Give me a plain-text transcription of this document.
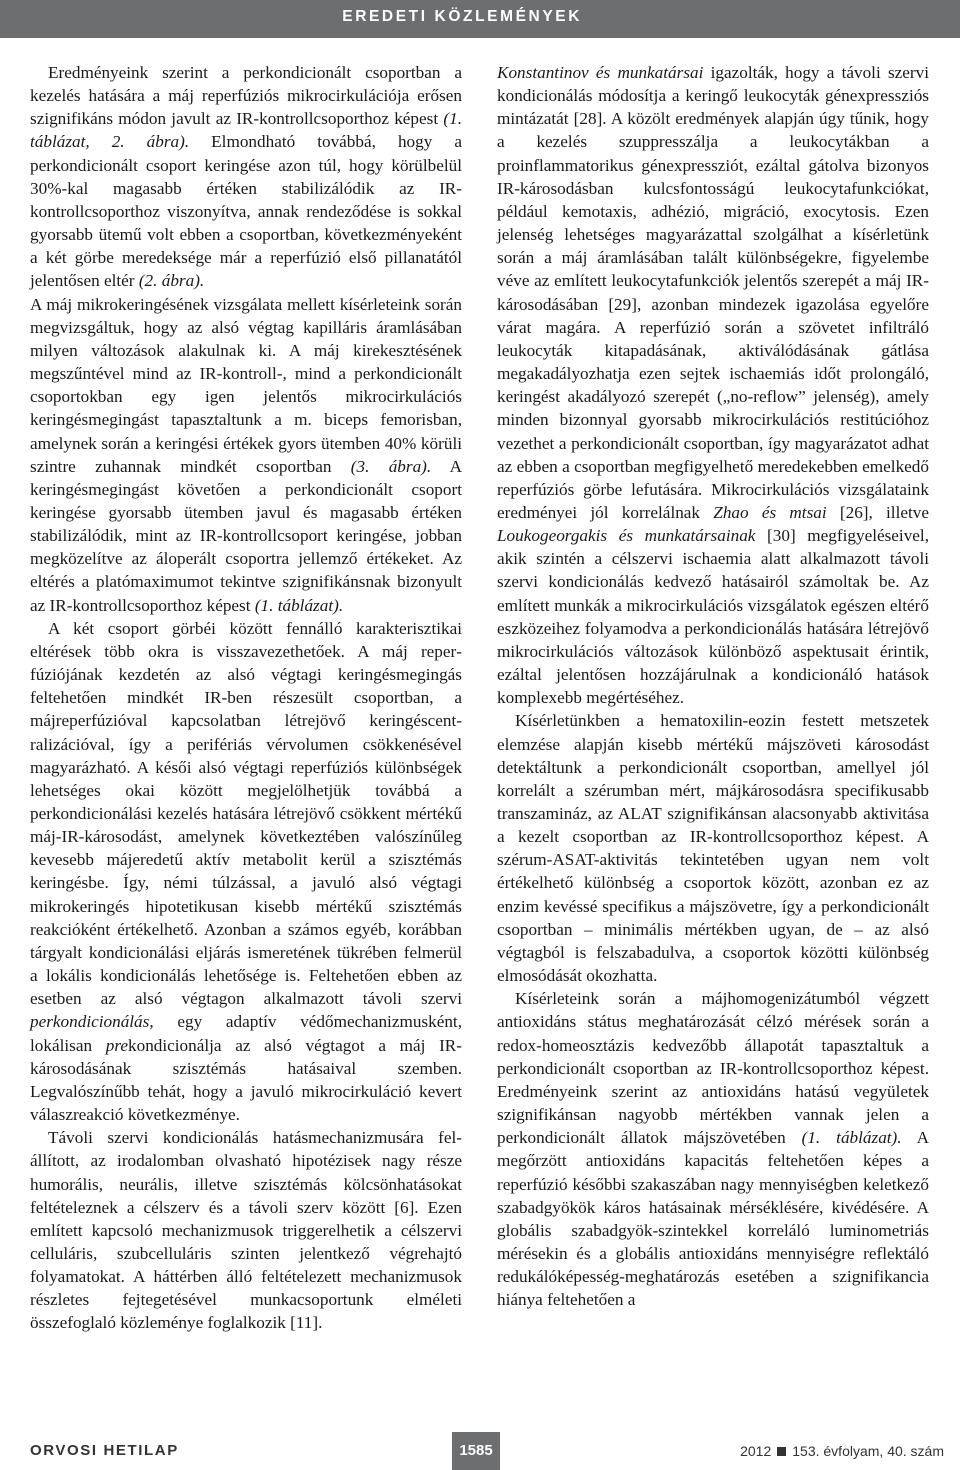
EREDETI KÖZLEMÉNYEK

Eredményeink szerint a perkondicionált csoportban a kezelés hatására a máj reperfúziós mikrocirkulációja erősen szignifikáns módon javult az IR-kontrollcsoporthoz képest (1. táblázat, 2. ábra). Elmondható továbbá, hogy a perkondicionált csoport keringése azon túl, hogy körülbelül 30%-kal magasabb értéken stabilizálódik az IR-kontrollcsoporthoz viszonyítva, annak rendeződése is sokkal gyorsabb ütemű volt ebben a csoportban, következményeként a két görbe meredeksége már a reperfúzió első pillanatától jelentősen eltér (2. ábra).

A máj mikrokeringésének vizsgálata mellett kísérleteink során megvizsgáltuk, hogy az alsó végtag kapilláris áramlásában milyen változások alakulnak ki. A máj kirekesztésének megszűntével mind az IR-kontroll-, mind a perkondicionált csoportokban egy igen jelentős mikrocirkulációs keringésmegingást tapasztaltunk a m. biceps femorisban, amelynek során a keringési értékek gyors ütemben 40% körüli szintre zuhannak mindkét csoportban (3. ábra). A keringésmegingást követően a perkondicionált csoport keringése gyorsabb ütemben javul és magasabb értéken stabilizálódik, mint az IR-kontrollcsoport keringése, jobban megközelítve az áloperált csoportra jellemző értékeket. Az eltérés a platómaximumot tekintve szignifikánsnak bizonyult az IR-kontrollcsoporthoz képest (1. táblázat).

A két csoport görbéi között fennálló karakterisztikai eltérések több okra is visszavezethetőek. A máj reperfúziójának kezdetén az alsó végtagi keringésmegingás feltehetően mindkét IR-ben részesült csoportban, a májreperfúzióval kapcsolatban létrejövő keringéscentralizációval, így a perifériás vérvolumen csökkenésével magyarázható. A késői alsó végtagi reperfúziós különbségek lehetséges okai között megjelölhetjük továbbá a perkondicionálási kezelés hatására létrejövő csökkent mértékű máj-IR-károsodást, amelynek következtében valószínűleg kevesebb májeredetű aktív metabolit kerül a szisztémás keringésbe. Így, némi túlzással, a javuló alsó végtagi mikrokeringés hipotetikusan kisebb mértékű szisztémás reakcióként értékelhető. Azonban a számos egyéb, korábban tárgyalt kondicionálási eljárás ismeretének tükrében felmerül a lokális kondicionálás lehetősége is. Feltehetően ebben az esetben az alsó végtagon alkalmazott távoli szervi perkondicionálás, egy adaptív védőmechanizmusként, lokálisan prekondicionálja az alsó végtagot a máj IR-károsodásának szisztémás hatásaival szemben. Legvalószínűbb tehát, hogy a javuló mikrocirkuláció kevert válaszreakció következménye.

Távoli szervi kondicionálás hatásmechanizmusára felállított, az irodalomban olvasható hipotézisek nagy része humorális, neurális, illetve szisztémás kölcsönhatásokat feltételeznek a célszerv és a távoli szerv között [6]. Ezen említett kapcsoló mechanizmusok triggerelhetik a célszervi celluláris, szubcelluláris szinten jelentkező végrehajtó folyamatokat. A háttérben álló feltételezett mechanizmusok részletes fejtegetésével munkacsoportunk elméleti összefoglaló közleménye foglalkozik [11].

Konstantinov és munkatársai igazolták, hogy a távoli szervi kondicionálás módosítja a keringő leukocyták génexpressziós mintázatát [28]. A közölt eredmények alapján úgy tűnik, hogy a kezelés szuppresszálja a leukocytákban a proinflammatorikus génexpressziót, ezáltal gátolva bizonyos IR-károsodásban kulcsfontosságú leukocytafunkciókat, például kemotaxis, adhézió, migráció, exocytosis. Ezen jelenség lehetséges magyarázattal szolgálhat a kísérletünk során a máj áramlásában talált különbségekre, figyelembe véve az említett leukocytafunkciók jelentős szerepét a máj IR-károsodásában [29], azonban mindezek igazolása egyelőre várat magára. A reperfúzió során a szövetet infiltráló leukocyták kitapadásának, aktiválódásának gátlása megakadályozhatja ezen sejtek ischaemiás időt prolongáló, keringést akadályozó szerepét („no-reflow” jelenség), amely minden bizonnyal gyorsabb mikrocirkulációs restitúcióhoz vezethet a perkondicionált csoportban, így magyarázatot adhat az ebben a csoportban megfigyelhető meredekebben emelkedő reperfúziós görbe lefutására. Mikrocirkulációs vizsgálataink eredményei jól korrelálnak Zhao és mtsai [26], illetve Loukogeorgakis és munkatársainak [30] megfigyeléseivel, akik szintén a célszervi ischaemia alatt alkalmazott távoli szervi kondicionálás kedvező hatásairól számoltak be. Az említett munkák a mikrocirkulációs vizsgálatok egészen eltérő eszközeihez folyamodva a perkondicionálás hatására létrejövő mikrocirkulációs változások különböző aspektusait érintik, ezáltal jelentősen hozzájárulnak a kondicionáló hatások komplexebb megértéséhez.

Kísérletünkben a hematoxilin-eozin festett metszetek elemzése alapján kisebb mértékű májszöveti károsodást detektáltunk a perkondicionált csoportban, amellyel jól korrelált a szérumban mért, májkárosodásra specifikusabb transzamináz, az ALAT szignifikánsan alacsonyabb aktivitása a kezelt csoportban az IR-kontrollcsoporthoz képest. A szérum-ASAT-aktivitás tekintetében ugyan nem volt értékelhető különbség a csoportok között, azonban ez az enzim kevéssé specifikus a májszövetre, így a perkondicionált csoportban – minimális mértékben ugyan, de – az alsó végtagból is felszabadulva, a csoportok közötti különbség elmosódását okozhatta.

Kísérleteink során a májhomogenizátumból végzett antioxidáns státus meghatározását célzó mérések során a redox-homeosztázis kedvezőbb állapotát tapasztaltuk a perkondicionált csoportban az IR-kontrollcsoporthoz képest. Eredményeink szerint az antioxidáns hatású vegyületek szignifikánsan nagyobb mértékben vannak jelen a perkondicionált állatok májszövetében (1. táblázat). A megőrzött antioxidáns kapacitás feltehetően képes a reperfúzió későbbi szakaszában nagy mennyiségben keletkező szabadgyökök káros hatásainak mérséklésére, kivédésére. A globális szabadgyök-szintekkel korreláló luminometriás mérésekin és a globális antioxidáns mennyiségre reflektáló redukálóképesség-meghatározás esetében a szignifikancia hiánya feltehetően a

ORVOSI HETILAP	1585	2012 153. évfolyam, 40. szám
